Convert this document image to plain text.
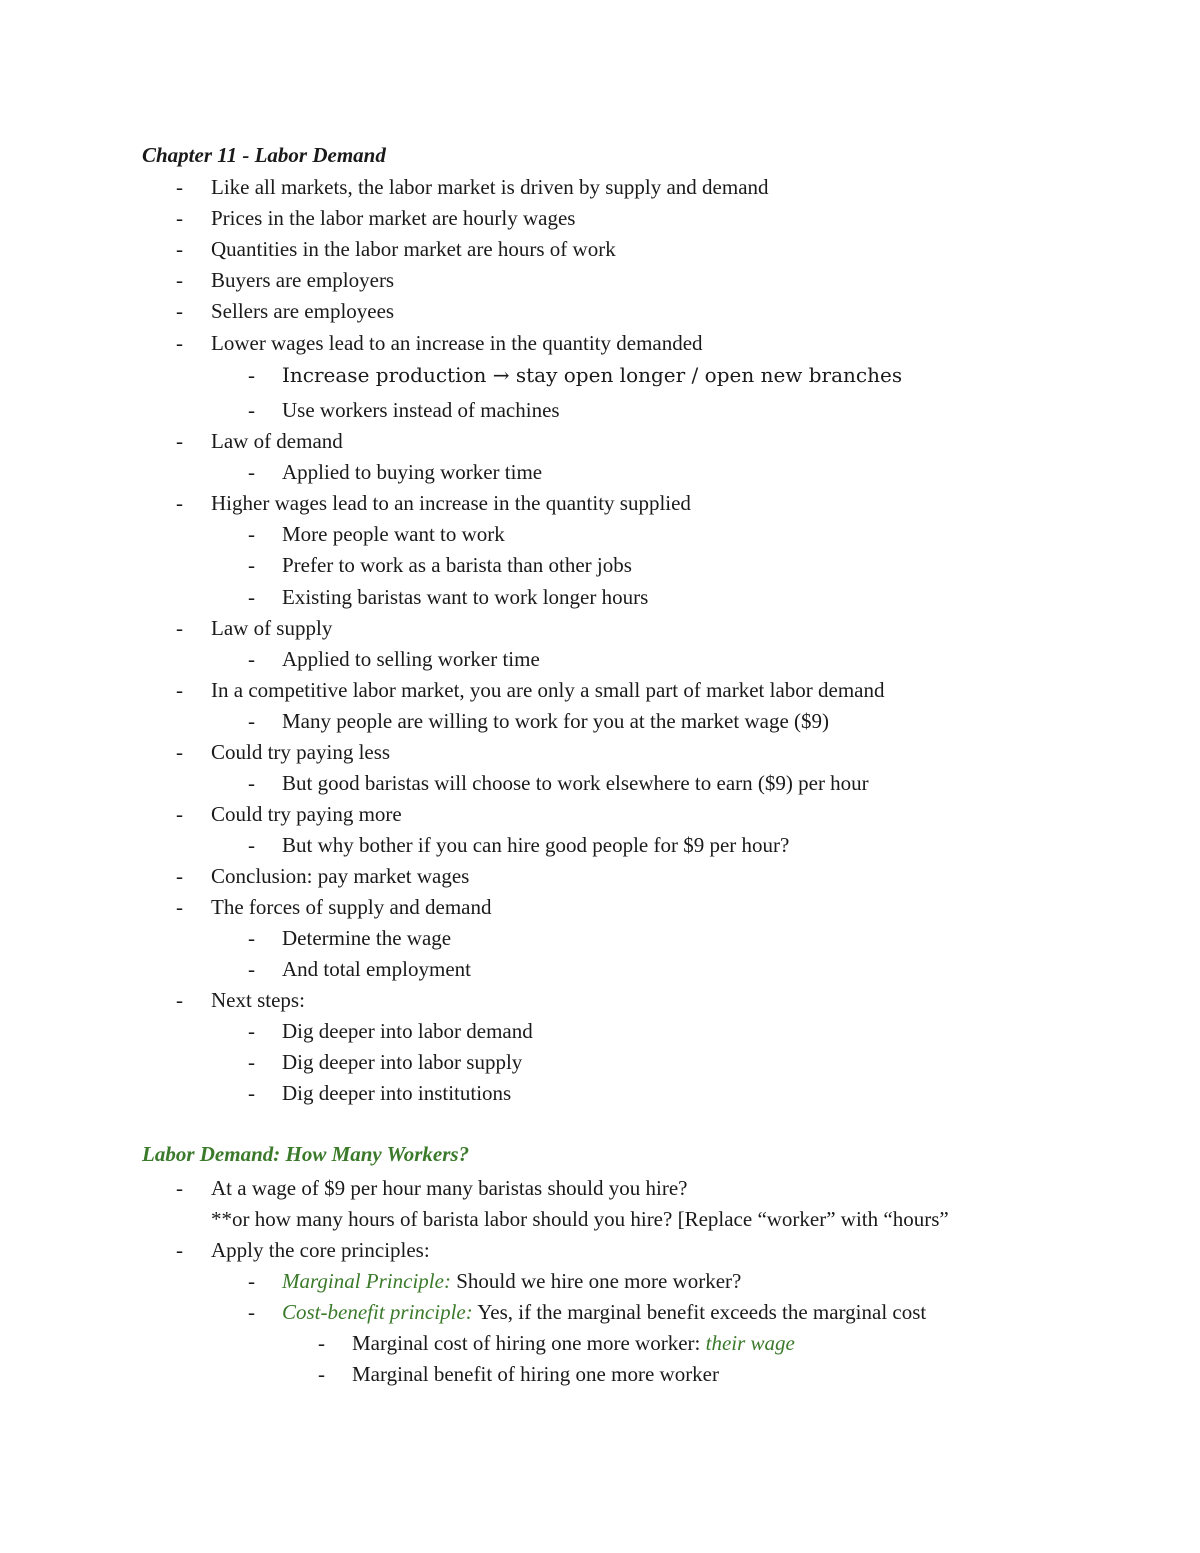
Chapter 11 - Labor Demand
- Like all markets, the labor market is driven by supply and demand
- Prices in the labor market are hourly wages
- Quantities in the labor market are hours of work
- Buyers are employers
- Sellers are employees
- Lower wages lead to an increase in the quantity demanded
- Increase production → stay open longer / open new branches
- Use workers instead of machines
- Law of demand
- Applied to buying worker time
- Higher wages lead to an increase in the quantity supplied
- More people want to work
- Prefer to work as a barista than other jobs
- Existing baristas want to work longer hours
- Law of supply
- Applied to selling worker time
- In a competitive labor market, you are only a small part of market labor demand
- Many people are willing to work for you at the market wage ($9)
- Could try paying less
- But good baristas will choose to work elsewhere to earn ($9) per hour
- Could try paying more
- But why bother if you can hire good people for $9 per hour?
- Conclusion: pay market wages
- The forces of supply and demand
- Determine the wage
- And total employment
- Next steps:
- Dig deeper into labor demand
- Dig deeper into labor supply
- Dig deeper into institutions
Labor Demand: How Many Workers?
- At a wage of $9 per hour many baristas should you hire?
**or how many hours of barista labor should you hire? [Replace “worker” with “hours”
- Apply the core principles:
- Marginal Principle: Should we hire one more worker?
- Cost-benefit principle: Yes, if the marginal benefit exceeds the marginal cost
- Marginal cost of hiring one more worker: their wage
- Marginal benefit of hiring one more worker
